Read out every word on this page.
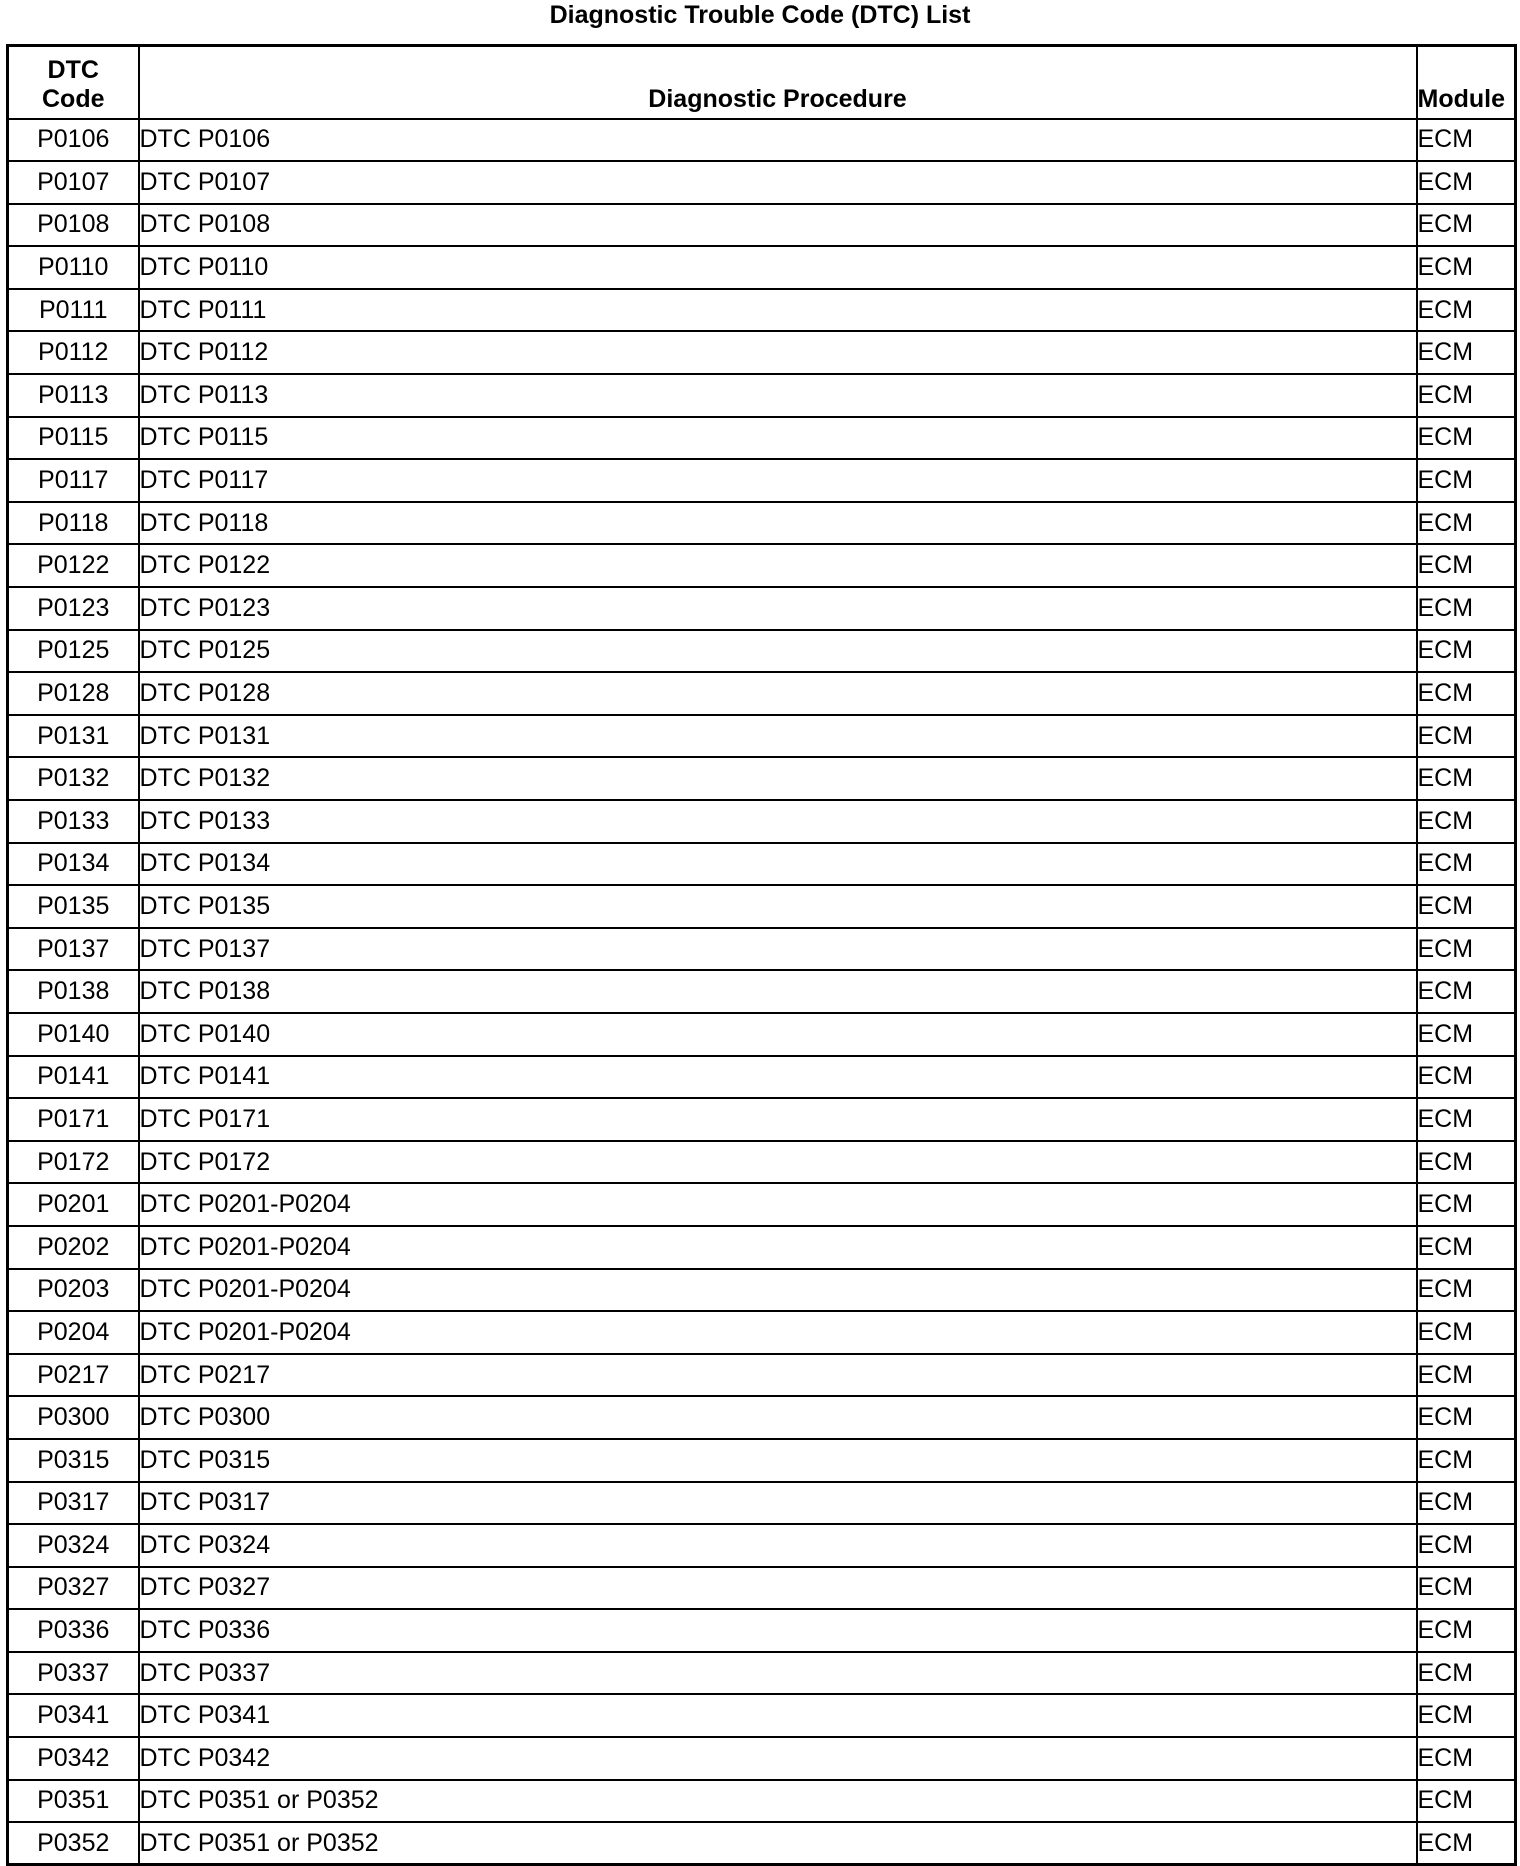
Diagnostic Trouble Code (DTC) List
DTC
Code	Diagnostic Procedure	Module
P0106	DTC P0106	ECM
P0107	DTC P0107	ECM
P0108	DTC P0108	ECM
P0110	DTC P0110	ECM
P0111	DTC P0111	ECM
P0112	DTC P0112	ECM
P0113	DTC P0113	ECM
P0115	DTC P0115	ECM
P0117	DTC P0117	ECM
P0118	DTC P0118	ECM
P0122	DTC P0122	ECM
P0123	DTC P0123	ECM
P0125	DTC P0125	ECM
P0128	DTC P0128	ECM
P0131	DTC P0131	ECM
P0132	DTC P0132	ECM
P0133	DTC P0133	ECM
P0134	DTC P0134	ECM
P0135	DTC P0135	ECM
P0137	DTC P0137	ECM
P0138	DTC P0138	ECM
P0140	DTC P0140	ECM
P0141	DTC P0141	ECM
P0171	DTC P0171	ECM
P0172	DTC P0172	ECM
P0201	DTC P0201-P0204	ECM
P0202	DTC P0201-P0204	ECM
P0203	DTC P0201-P0204	ECM
P0204	DTC P0201-P0204	ECM
P0217	DTC P0217	ECM
P0300	DTC P0300	ECM
P0315	DTC P0315	ECM
P0317	DTC P0317	ECM
P0324	DTC P0324	ECM
P0327	DTC P0327	ECM
P0336	DTC P0336	ECM
P0337	DTC P0337	ECM
P0341	DTC P0341	ECM
P0342	DTC P0342	ECM
P0351	DTC P0351 or P0352	ECM
P0352	DTC P0351 or P0352	ECM
